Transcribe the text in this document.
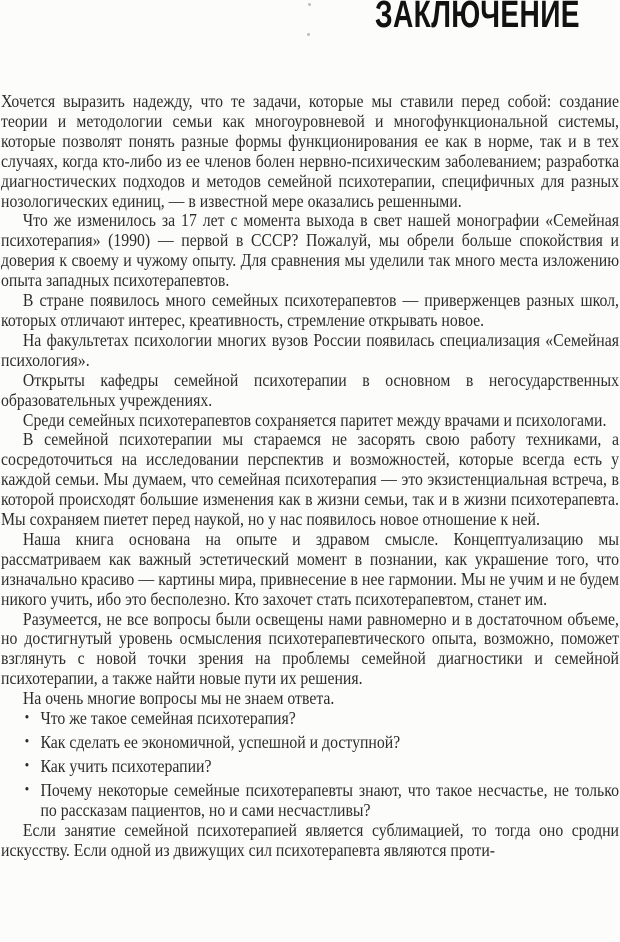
ЗАКЛЮЧЕНИЕ

Хочется выразить надежду, что те задачи, которые мы ставили перед собой: создание теории и методологии семьи как многоуровневой и многофункциональной системы, которые позволят понять разные формы функционирования ее как в норме, так и в тех случаях, когда кто-либо из ее членов болен нервно-психическим заболеванием; разработка диагностических подходов и методов семейной психотерапии, специфичных для разных нозологических единиц, — в известной мере оказались решенными.

Что же изменилось за 17 лет с момента выхода в свет нашей монографии «Семейная психотерапия» (1990) — первой в СССР? Пожалуй, мы обрели больше спокойствия и доверия к своему и чужому опыту. Для сравнения мы уделили так много места изложению опыта западных психотерапевтов.

В стране появилось много семейных психотерапевтов — приверженцев разных школ, которых отличают интерес, креативность, стремление открывать новое.

На факультетах психологии многих вузов России появилась специализация «Семейная психология».

Открыты кафедры семейной психотерапии в основном в негосударственных образовательных учреждениях.

Среди семейных психотерапевтов сохраняется паритет между врачами и психологами.

В семейной психотерапии мы стараемся не засорять свою работу техниками, а сосредоточиться на исследовании перспектив и возможностей, которые всегда есть у каждой семьи. Мы думаем, что семейная психотерапия — это экзистенциальная встреча, в которой происходят большие изменения как в жизни семьи, так и в жизни психотерапевта. Мы сохраняем пиетет перед наукой, но у нас появилось новое отношение к ней.

Наша книга основана на опыте и здравом смысле. Концептуализацию мы рассматриваем как важный эстетический момент в познании, как украшение того, что изначально красиво — картины мира, привнесение в нее гармонии. Мы не учим и не будем никого учить, ибо это бесполезно. Кто захочет стать психотерапевтом, станет им.

Разумеется, не все вопросы были освещены нами равномерно и в достаточном объеме, но достигнутый уровень осмысления психотерапевтического опыта, возможно, поможет взглянуть с новой точки зрения на проблемы семейной диагностики и семейной психотерапии, а также найти новые пути их решения.

На очень многие вопросы мы не знаем ответа.

• Что же такое семейная психотерапия?
• Как сделать ее экономичной, успешной и доступной?
• Как учить психотерапии?
• Почему некоторые семейные психотерапевты знают, что такое несчастье, не только по рассказам пациентов, но и сами несчастливы?

Если занятие семейной психотерапией является сублимацией, то тогда оно сродни искусству. Если одной из движущих сил психотерапевта являются проти-
